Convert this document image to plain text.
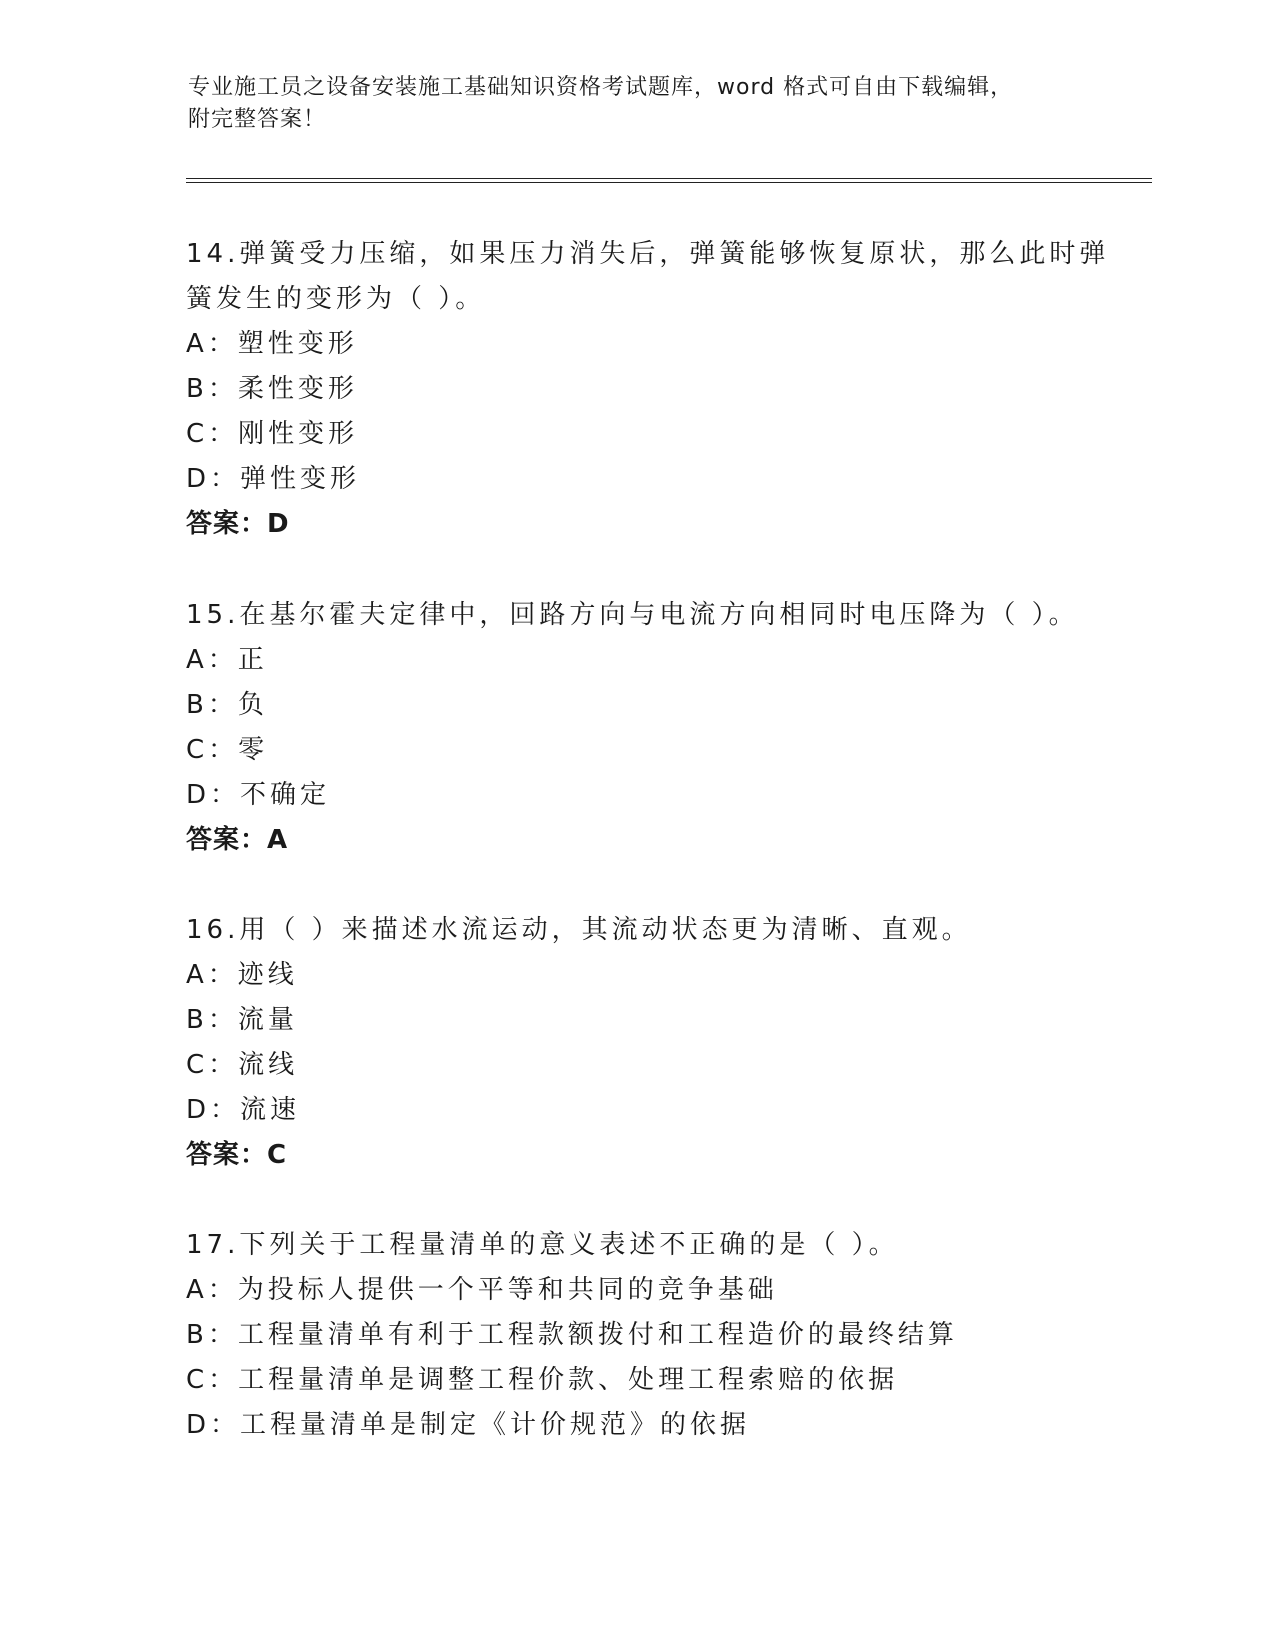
专业施工员之设备安装施工基础知识资格考试题库，word 格式可自由下载编辑，

附完整答案！

14.弹簧受力压缩，如果压力消失后，弹簧能够恢复原状，那么此时弹
簧发生的变形为（ ）。
A：塑性变形
B：柔性变形
C：刚性变形
D：弹性变形
答案：D
15.在基尔霍夫定律中，回路方向与电流方向相同时电压降为（ ）。
A：正
B：负
C：零
D：不确定
答案：A
16.用（ ）来描述水流运动，其流动状态更为清晰、直观。
A：迹线
B：流量
C：流线
D：流速
答案：C
17.下列关于工程量清单的意义表述不正确的是（ ）。
A：为投标人提供一个平等和共同的竞争基础
B：工程量清单有利于工程款额拨付和工程造价的最终结算
C：工程量清单是调整工程价款、处理工程索赔的依据
D：工程量清单是制定《计价规范》的依据
